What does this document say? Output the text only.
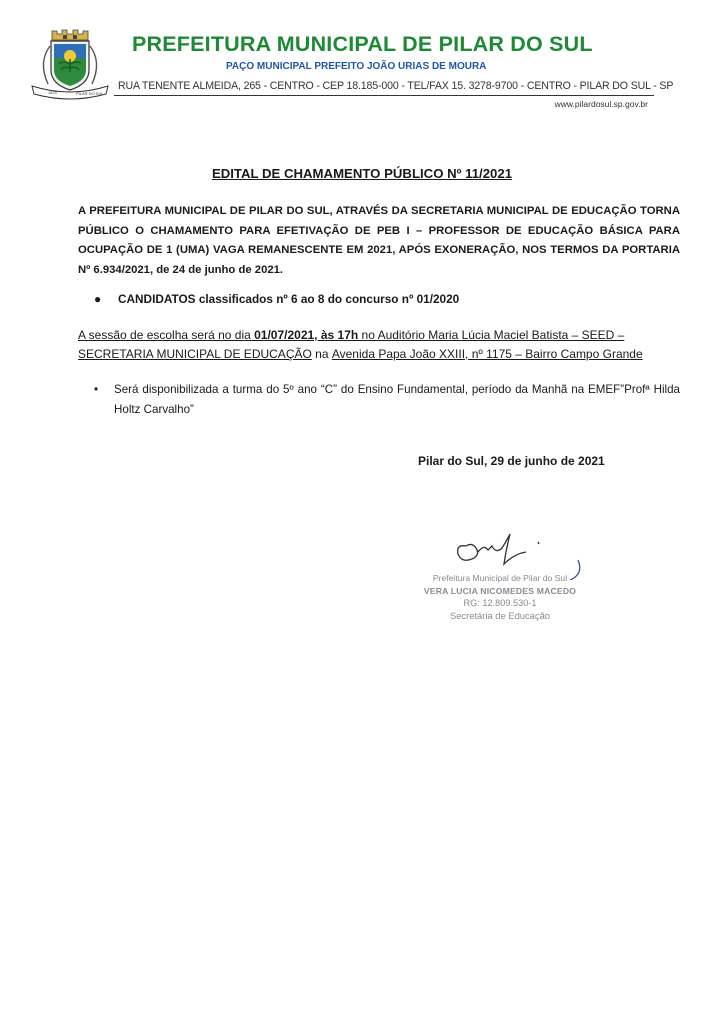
1870	PILAR DO SUL
PREFEITURA MUNICIPAL DE PILAR DO SUL
PAÇO MUNICIPAL PREFEITO JOÃO URIAS DE MOURA
RUA TENENTE ALMEIDA, 265 - CENTRO - CEP 18.185-000 - TEL/FAX 15. 3278-9700 - CENTRO - PILAR DO SUL - SP
www.pilardosul.sp.gov.br
EDITAL DE CHAMAMENTO PÚBLICO Nº 11/2021
A PREFEITURA MUNICIPAL DE PILAR DO SUL, ATRAVÉS DA SECRETARIA MUNICIPAL DE EDUCAÇÃO TORNA PÚBLICO O CHAMAMENTO PARA EFETIVAÇÃO DE PEB I – PROFESSOR DE EDUCAÇÃO BÁSICA PARA OCUPAÇÃO DE 1 (UMA) VAGA REMANESCENTE EM 2021, APÓS EXONERAÇÃO, NOS TERMOS DA PORTARIA Nº 6.934/2021, de 24 de junho de 2021.
● CANDIDATOS classificados nº 6 ao 8 do concurso nº 01/2020
A sessão de escolha será no dia 01/07/2021, às 17h no Auditório Maria Lúcia Maciel Batista – SEED – SECRETARIA MUNICIPAL DE EDUCAÇÃO na Avenida Papa João XXIII, nº 1175 – Bairro Campo Grande
• Será disponibilizada a turma do 5º ano “C” do Ensino Fundamental, período da Manhã na EMEF”Profª Hilda Holtz Carvalho”
Pilar do Sul, 29 de junho de 2021
Prefeitura Municipal de Pilar do Sul
VERA LUCIA NICOMEDES MACEDO
RG: 12.809.530-1
Secretária de Educação
